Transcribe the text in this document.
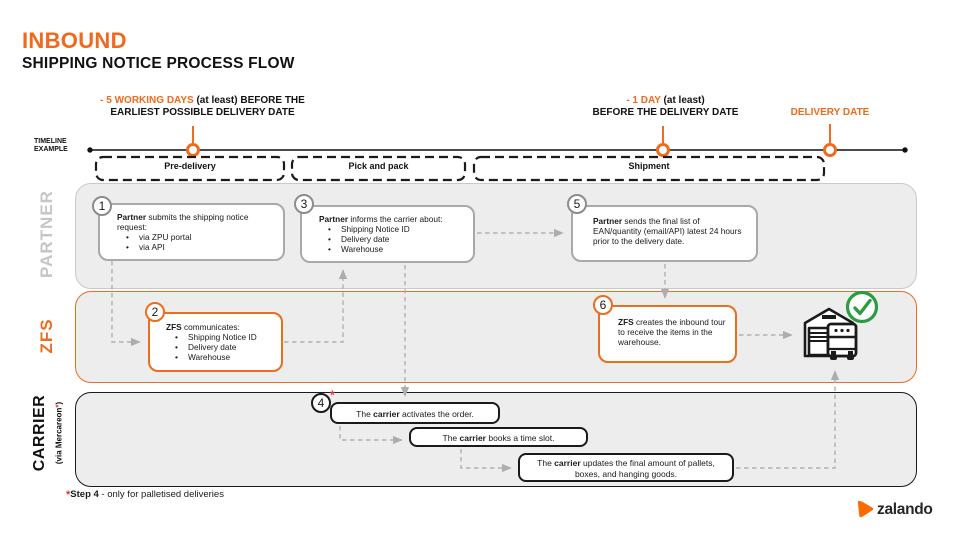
INBOUND
SHIPPING NOTICE PROCESS FLOW
- 5 WORKING DAYS (at least) BEFORE THE
EARLIEST POSSIBLE DELIVERY DATE
- 1 DAY (at least)
BEFORE THE DELIVERY DATE	DELIVERY DATE
TIMELINE
EXAMPLE
Pre-delivery	Pick and pack	Shipment
PARTNER
ZFS
CARRIER (via Mercareon*)
Partner submits the shipping notice request:
• via ZPU portal
• via API
Partner informs the carrier about:
• Shipping Notice ID
• Delivery date
• Warehouse
Partner sends the final list of EAN/quantity (email/API) latest 24 hours prior to the delivery date.
ZFS communicates:
• Shipping Notice ID
• Delivery date
• Warehouse
ZFS creates the inbound tour to receive the items in the warehouse.
The carrier activates the order.
The carrier books a time slot.
The carrier updates the final amount of pallets, boxes, and hanging goods.
1	3	5
2	6
4
*
*Step 4 - only for palletised deliveries
zalando
